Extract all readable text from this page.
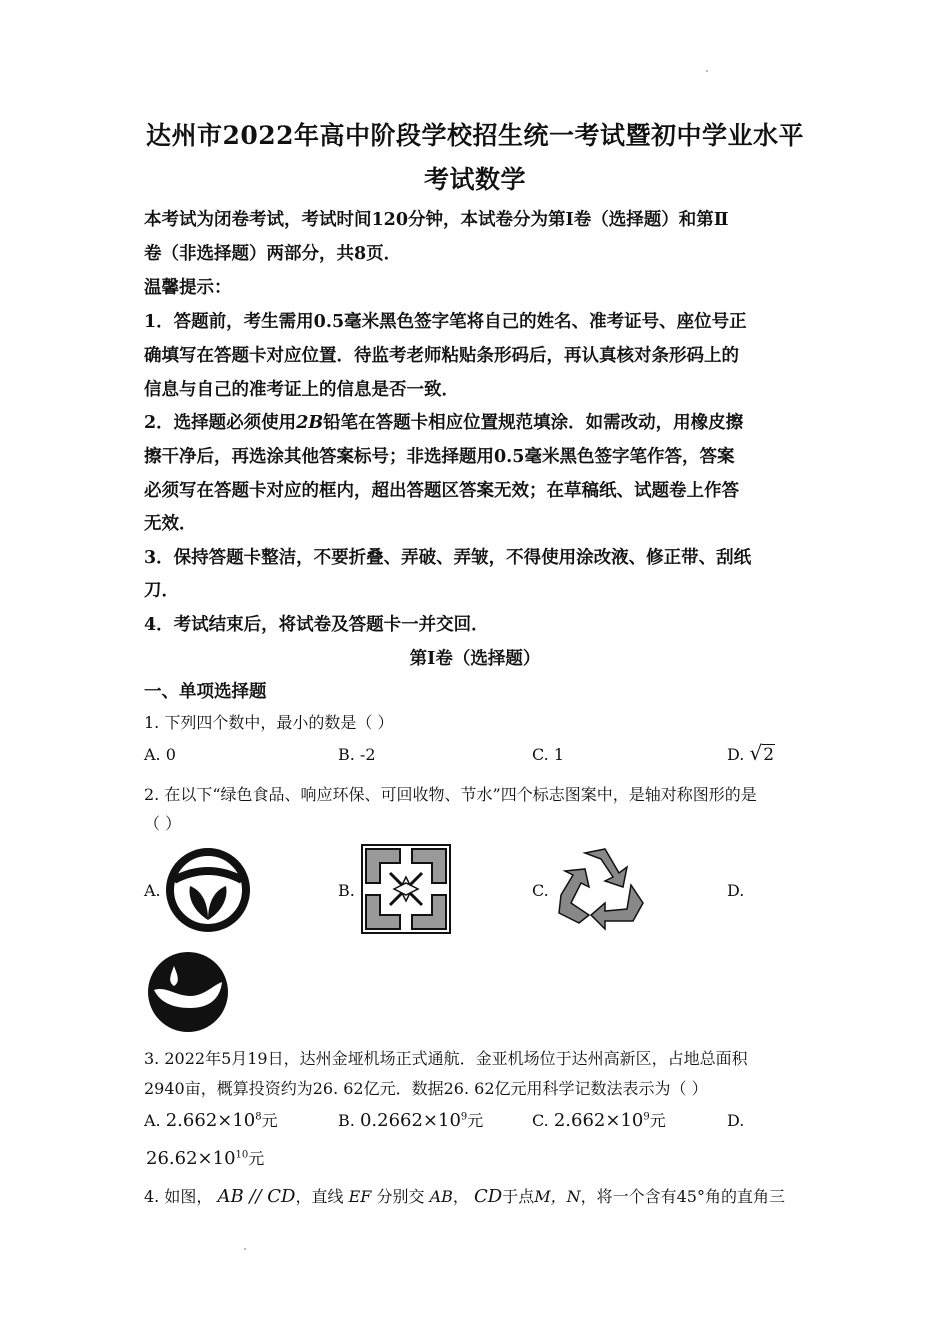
达州市2022年高中阶段学校招生统一考试暨初中学业水平
考试数学
本考试为闭卷考试，考试时间120分钟，本试卷分为第Ⅰ卷（选择题）和第Ⅱ
卷（非选择题）两部分，共8页．
温馨提示：
1．答题前，考生需用0.5毫米黑色签字笔将自己的姓名、准考证号、座位号正
确填写在答题卡对应位置．待监考老师粘贴条形码后，再认真核对条形码上的
信息与自己的准考证上的信息是否一致．
2．选择题必须使用2B铅笔在答题卡相应位置规范填涂．如需改动，用橡皮擦
擦干净后，再选涂其他答案标号；非选择题用0.5毫米黑色签字笔作答，答案
必须写在答题卡对应的框内，超出答题区答案无效；在草稿纸、试题卷上作答
无效．
3．保持答题卡整洁，不要折叠、弄破、弄皱，不得使用涂改液、修正带、刮纸
刀．
4．考试结束后，将试卷及答题卡一并交回．
第Ⅰ卷（选择题）
一、单项选择题
1. 下列四个数中，最小的数是（ ）
A. 0	B. -2	C. 1	D. √2
2. 在以下“绿色食品、响应环保、可回收物、节水”四个标志图案中，是轴对称图形的是
（ ）
A.	B.	C.	D.
3. 2022年5月19日，达州金垭机场正式通航．金亚机场位于达州高新区，占地总面积
2940亩，概算投资约为26. 62亿元．数据26. 62亿元用科学记数法表示为（ ）
A. $2.662\times 10^8$元	B. $0.2662\times 10^9$元	C. $2.662\times 10^9$元	D.
$26.62\times 10^{10}$元
4. 如图， AB // CD，直线 EF 分别交 AB， CD于点M，N，将一个含有45°角的直角三
